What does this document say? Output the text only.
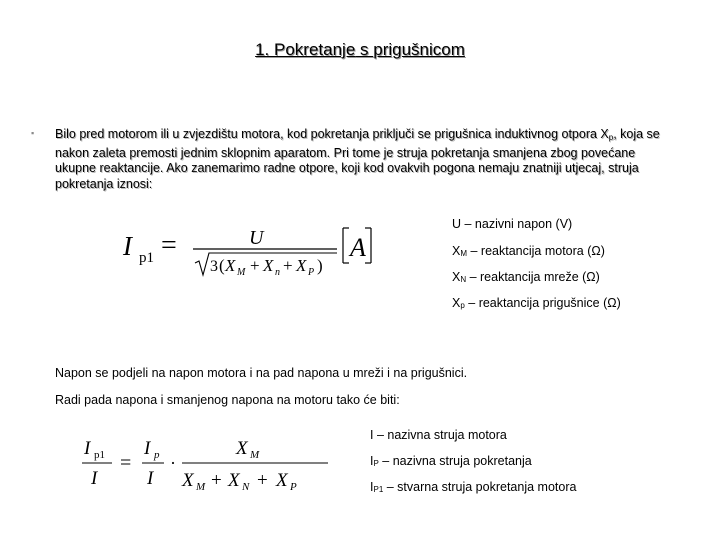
1. Pokretanje s prigušnicom
▪ Bilo pred motorom ili u zvjezdištu motora, kod pokretanja priključi se prigušnica induktivnog otpora $X_p$, koja se nakon zaleta premosti jednim sklopnim aparatom. Pri tome je struja pokretanja smanjena zbog povećane ukupne reaktancije. Ako zanemarimo radne otpore, koji kod ovakvih pogona nemaju znatniji utjecaj, struja pokretanja iznosi:
I p1 =	U
3 ( X M + X n + X P )
A
U – nazivni napon (V)
XM – reaktancija motora (Ω)
XN – reaktancija mreže (Ω)
Xp – reaktancija prigušnice (Ω)
Napon se podjeli na napon motora i na pad napona u mreži i na prigušnici.
Radi pada napona i smanjenog napona na motoru tako će biti:
I p1
I
=
I p
I
·
X M
X M + X N + X P
I – nazivna struja motora
IP – nazivna struja pokretanja
IP1 – stvarna struja pokretanja motora
